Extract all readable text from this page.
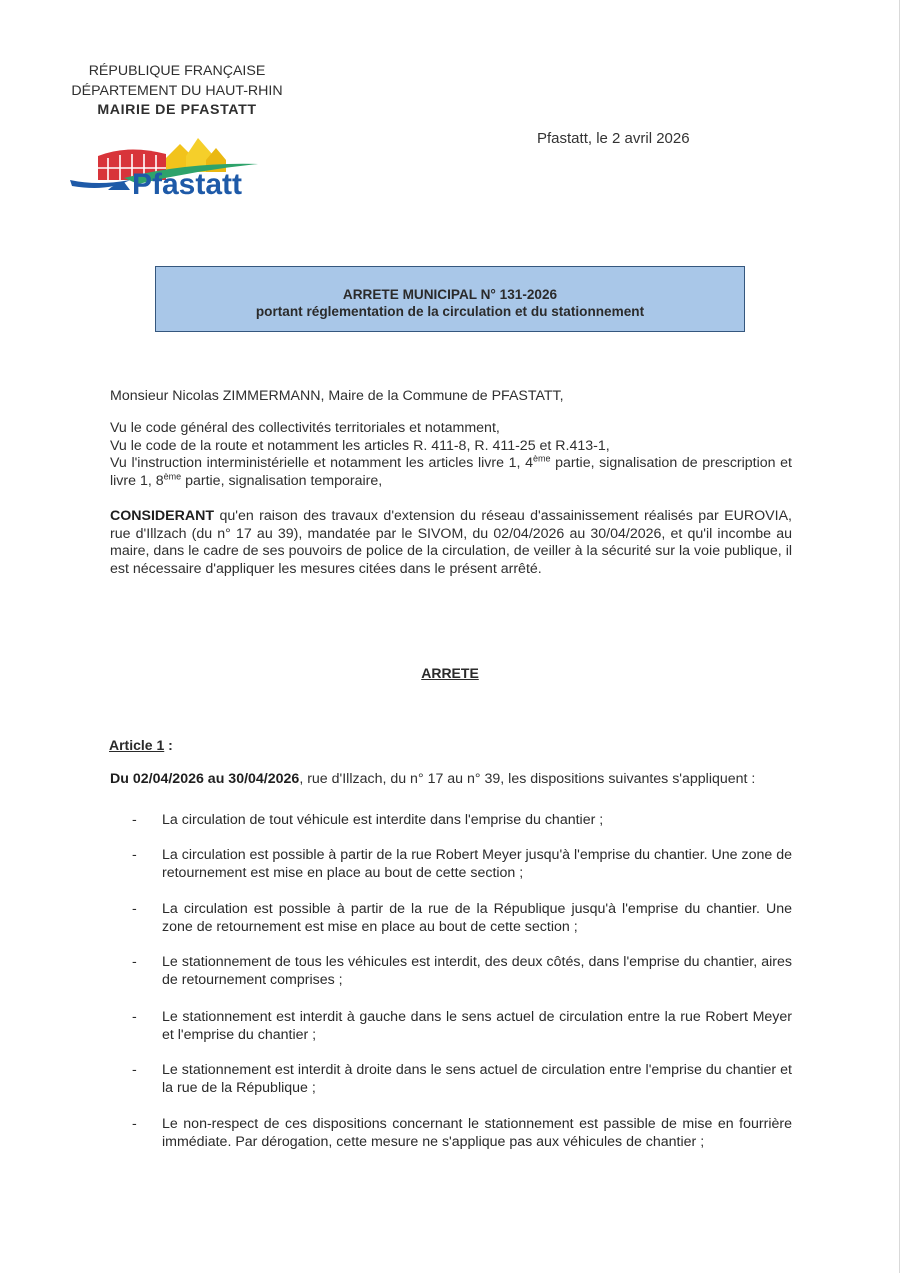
RÉPUBLIQUE FRANÇAISE
DÉPARTEMENT DU HAUT-RHIN
MAIRIE DE PFASTATT
Pfastatt, le 2 avril 2026
Pfastatt
ARRETE MUNICIPAL N° 131-2026
portant réglementation de la circulation et du stationnement
Monsieur Nicolas ZIMMERMANN, Maire de la Commune de PFASTATT,
Vu le code général des collectivités territoriales et notamment,
Vu le code de la route et notamment les articles R. 411-8, R. 411-25 et R.413-1,
Vu l'instruction interministérielle et notamment les articles livre 1, 4ème partie, signalisation de prescription et livre 1, 8ème partie, signalisation temporaire,
CONSIDERANT qu'en raison des travaux d'extension du réseau d'assainissement réalisés par EUROVIA, rue d'Illzach (du n° 17 au 39), mandatée par le SIVOM, du 02/04/2026 au 30/04/2026, et qu'il incombe au maire, dans le cadre de ses pouvoirs de police de la circulation, de veiller à la sécurité sur la voie publique, il est nécessaire d'appliquer les mesures citées dans le présent arrêté.
ARRETE
Article 1 :
Du 02/04/2026 au 30/04/2026, rue d'Illzach, du n° 17 au n° 39, les dispositions suivantes s'appliquent :
- La circulation de tout véhicule est interdite dans l'emprise du chantier ;
- La circulation est possible à partir de la rue Robert Meyer jusqu'à l'emprise du chantier. Une zone de retournement est mise en place au bout de cette section ;
- La circulation est possible à partir de la rue de la République jusqu'à l'emprise du chantier. Une zone de retournement est mise en place au bout de cette section ;
- Le stationnement de tous les véhicules est interdit, des deux côtés, dans l'emprise du chantier, aires de retournement comprises ;
- Le stationnement est interdit à gauche dans le sens actuel de circulation entre la rue Robert Meyer et l'emprise du chantier ;
- Le stationnement est interdit à droite dans le sens actuel de circulation entre l'emprise du chantier et la rue de la République ;
- Le non-respect de ces dispositions concernant le stationnement est passible de mise en fourrière immédiate. Par dérogation, cette mesure ne s'applique pas aux véhicules de chantier ;
